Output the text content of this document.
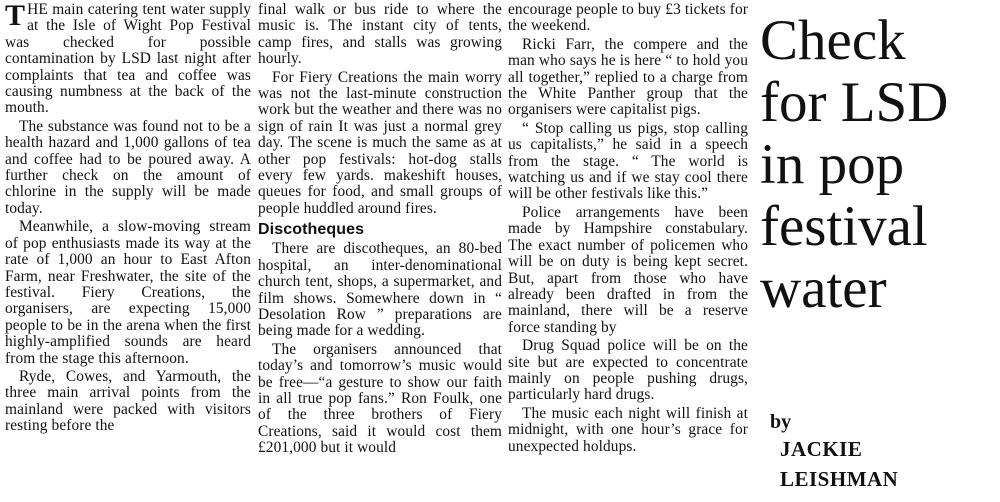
THE main catering tent water supply at the Isle of Wight Pop Festival was checked for possible contamination by LSD last night after complaints that tea and coffee was causing numbness at the back of the mouth.

The substance was found not to be a health hazard and 1,000 gallons of tea and coffee had to be poured away. A further check on the amount of chlorine in the supply will be made today.

Meanwhile, a slow-moving stream of pop enthusiasts made its way at the rate of 1,000 an hour to East Afton Farm, near Freshwater, the site of the festival. Fiery Creations, the organisers, are expecting 15,000 people to be in the arena when the first highly-amplified sounds are heard from the stage this afternoon.

Ryde, Cowes, and Yarmouth, the three main arrival points from the mainland were packed with visitors resting before the

final walk or bus ride to where the music is. The instant city of tents, camp fires, and stalls was growing hourly.

For Fiery Creations the main worry was not the last-minute construction work but the weather and there was no sign of rain It was just a normal grey day. The scene is much the same as at other pop festivals: hot-dog stalls every few yards. makeshift houses, queues for food, and small groups of people huddled around fires.

Discotheques

There are discotheques, an 80-bed hospital, an inter-denominational church tent, shops, a supermarket, and film shows. Somewhere down in “ Desolation Row ” preparations are being made for a wedding.

The organisers announced that today’s and tomorrow’s music would be free—“a gesture to show our faith in all true pop fans.” Ron Foulk, one of the three brothers of Fiery Creations, said it would cost them £201,000 but it would

encourage people to buy £3 tickets for the weekend.

Ricki Farr, the compere and the man who says he is here “ to hold you all together,” replied to a charge from the White Panther group that the organisers were capitalist pigs.

“ Stop calling us pigs, stop calling us capitalists,” he said in a speech from the stage. “ The world is watching us and if we stay cool there will be other festivals like this.”

Police arrangements have been made by Hampshire constabulary. The exact number of policemen who will be on duty is being kept secret. But, apart from those who have already been drafted in from the mainland, there will be a reserve force standing by

Drug Squad police will be on the site but are expected to concentrate mainly on people pushing drugs, particularly hard drugs.

The music each night will finish at midnight, with one hour’s grace for unexpected holdups.

Check
for LSD
in pop
festival
water
by
JACKIE
LEISHMAN
